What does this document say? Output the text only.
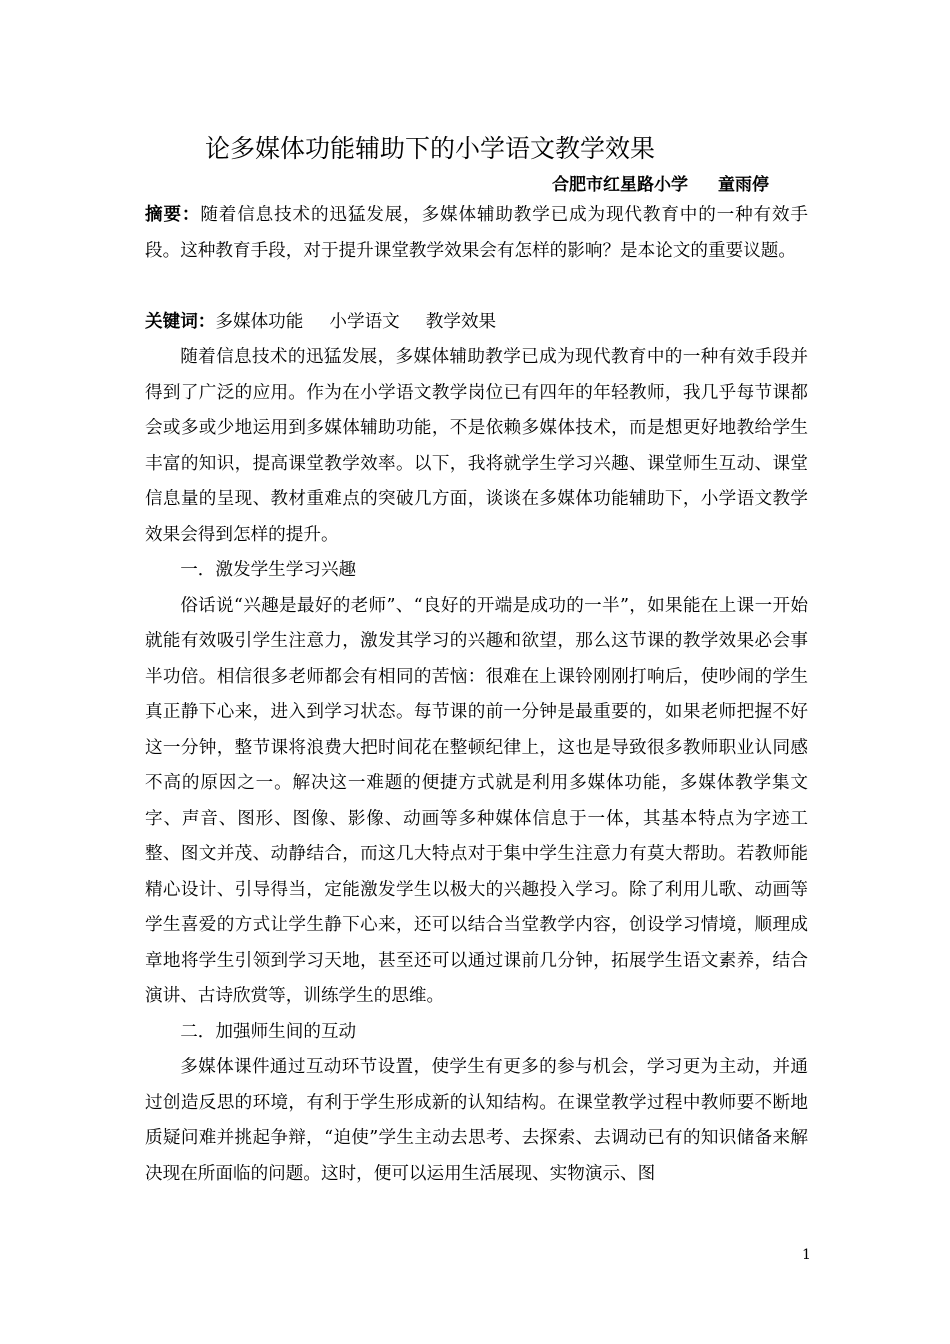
论多媒体功能辅助下的小学语文教学效果
合肥市红星路小学 童雨停
摘要：随着信息技术的迅猛发展，多媒体辅助教学已成为现代教育中的一种有效手段。这种教育手段，对于提升课堂教学效果会有怎样的影响？是本论文的重要议题。
关键词：多媒体功能 小学语文 教学效果

随着信息技术的迅猛发展，多媒体辅助教学已成为现代教育中的一种有效手段并得到了广泛的应用。作为在小学语文教学岗位已有四年的年轻教师，我几乎每节课都会或多或少地运用到多媒体辅助功能，不是依赖多媒体技术，而是想更好地教给学生丰富的知识，提高课堂教学效率。以下，我将就学生学习兴趣、课堂师生互动、课堂信息量的呈现、教材重难点的突破几方面，谈谈在多媒体功能辅助下，小学语文教学效果会得到怎样的提升。

一．激发学生学习兴趣

俗话说“兴趣是最好的老师”、“良好的开端是成功的一半”，如果能在上课一开始就能有效吸引学生注意力，激发其学习的兴趣和欲望，那么这节课的教学效果必会事半功倍。相信很多老师都会有相同的苦恼：很难在上课铃刚刚打响后，使吵闹的学生真正静下心来，进入到学习状态。每节课的前一分钟是最重要的，如果老师把握不好这一分钟，整节课将浪费大把时间花在整顿纪律上，这也是导致很多教师职业认同感不高的原因之一。解决这一难题的便捷方式就是利用多媒体功能，多媒体教学集文字、声音、图形、图像、影像、动画等多种媒体信息于一体，其基本特点为字迹工整、图文并茂、动静结合，而这几大特点对于集中学生注意力有莫大帮助。若教师能精心设计、引导得当，定能激发学生以极大的兴趣投入学习。除了利用儿歌、动画等学生喜爱的方式让学生静下心来，还可以结合当堂教学内容，创设学习情境，顺理成章地将学生引领到学习天地，甚至还可以通过课前几分钟，拓展学生语文素养，结合演讲、古诗欣赏等，训练学生的思维。

二．加强师生间的互动

多媒体课件通过互动环节设置，使学生有更多的参与机会，学习更为主动，并通过创造反思的环境，有利于学生形成新的认知结构。在课堂教学过程中教师要不断地质疑问难并挑起争辩，“迫使”学生主动去思考、去探索、去调动已有的知识储备来解决现在所面临的问题。这时，便可以运用生活展现、实物演示、图

1
